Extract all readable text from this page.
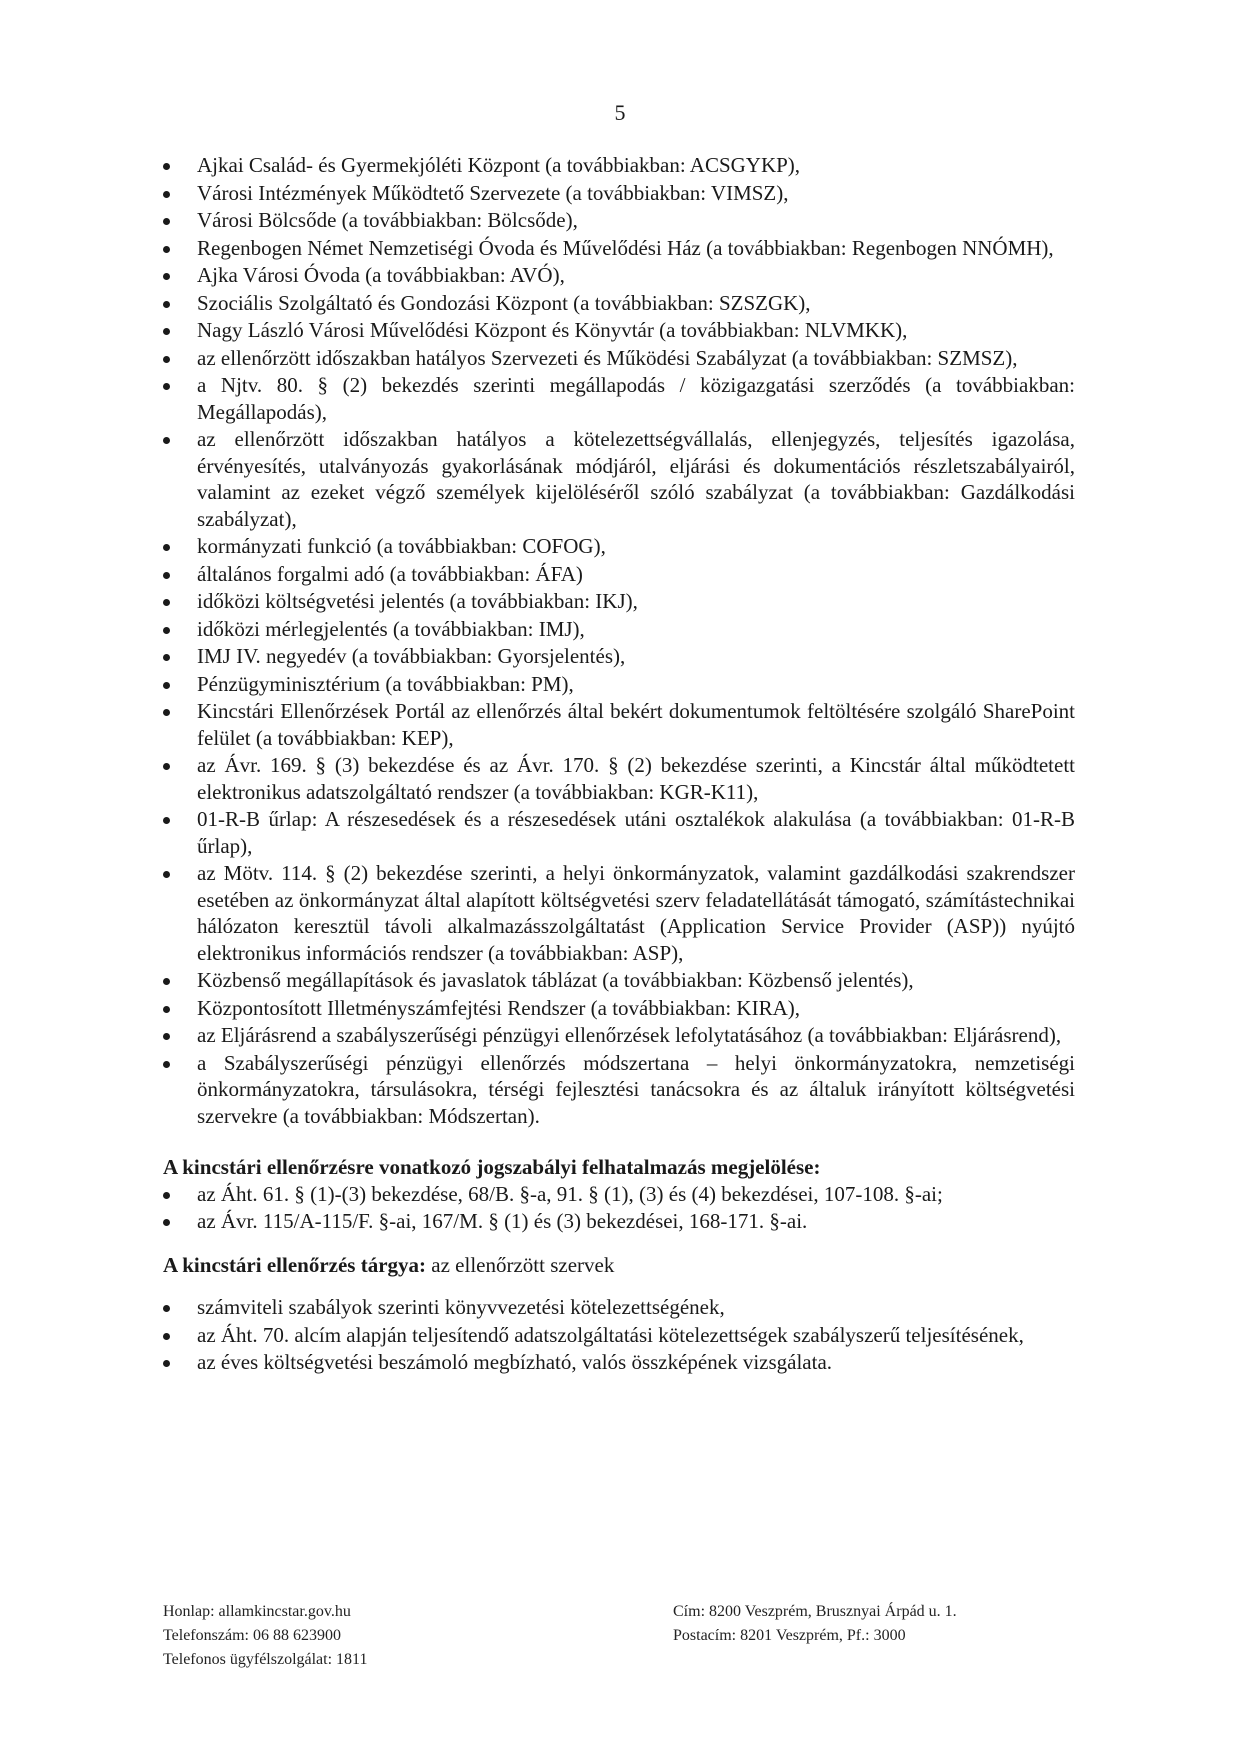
5
Ajkai Család- és Gyermekjóléti Központ (a továbbiakban: ACSGYKP),
Városi Intézmények Működtető Szervezete (a továbbiakban: VIMSZ),
Városi Bölcsőde (a továbbiakban: Bölcsőde),
Regenbogen Német Nemzetiségi Óvoda és Művelődési Ház (a továbbiakban: Regenbogen NNÓMH),
Ajka Városi Óvoda (a továbbiakban: AVÓ),
Szociális Szolgáltató és Gondozási Központ (a továbbiakban: SZSZGK),
Nagy László Városi Művelődési Központ és Könyvtár (a továbbiakban: NLVMKK),
az ellenőrzött időszakban hatályos Szervezeti és Működési Szabályzat (a továbbiakban: SZMSZ),
a Njtv. 80. § (2) bekezdés szerinti megállapodás / közigazgatási szerződés (a továbbiakban: Megállapodás),
az ellenőrzött időszakban hatályos a kötelezettségvállalás, ellenjegyzés, teljesítés igazolása, érvényesítés, utalványozás gyakorlásának módjáról, eljárási és dokumentációs részletszabályairól, valamint az ezeket végző személyek kijelöléséről szóló szabályzat (a továbbiakban: Gazdálkodási szabályzat),
kormányzati funkció (a továbbiakban: COFOG),
általános forgalmi adó (a továbbiakban: ÁFA)
időközi költségvetési jelentés (a továbbiakban: IKJ),
időközi mérlegjelentés (a továbbiakban: IMJ),
IMJ IV. negyedév (a továbbiakban: Gyorsjelentés),
Pénzügyminisztérium (a továbbiakban: PM),
Kincstári Ellenőrzések Portál az ellenőrzés által bekért dokumentumok feltöltésére szolgáló SharePoint felület (a továbbiakban: KEP),
az Ávr. 169. § (3) bekezdése és az Ávr. 170. § (2) bekezdése szerinti, a Kincstár által működtetett elektronikus adatszolgáltató rendszer (a továbbiakban: KGR-K11),
01-R-B űrlap: A részesedések és a részesedések utáni osztalékok alakulása (a továbbiakban: 01-R-B űrlap),
az Mötv. 114. § (2) bekezdése szerinti, a helyi önkormányzatok, valamint gazdálkodási szakrendszer esetében az önkormányzat által alapított költségvetési szerv feladatellátását támogató, számítástechnikai hálózaton keresztül távoli alkalmazásszolgáltatást (Application Service Provider (ASP)) nyújtó elektronikus információs rendszer (a továbbiakban: ASP),
Közbenső megállapítások és javaslatok táblázat (a továbbiakban: Közbenső jelentés),
Központosított Illetményszámfejtési Rendszer (a továbbiakban: KIRA),
az Eljárásrend a szabályszerűségi pénzügyi ellenőrzések lefolytatásához (a továbbiakban: Eljárásrend),
a Szabályszerűségi pénzügyi ellenőrzés módszertana – helyi önkormányzatokra, nemzetiségi önkormányzatokra, társulásokra, térségi fejlesztési tanácsokra és az általuk irányított költségvetési szervekre (a továbbiakban: Módszertan).
A kincstári ellenőrzésre vonatkozó jogszabályi felhatalmazás megjelölése:
az Áht. 61. § (1)-(3) bekezdése, 68/B. §-a, 91. § (1), (3) és (4) bekezdései, 107-108. §-ai;
az Ávr. 115/A-115/F. §-ai, 167/M. § (1) és (3) bekezdései, 168-171. §-ai.
A kincstári ellenőrzés tárgya: az ellenőrzött szervek
számviteli szabályok szerinti könyvvezetési kötelezettségének,
az Áht. 70. alcím alapján teljesítendő adatszolgáltatási kötelezettségek szabályszerű teljesítésének,
az éves költségvetési beszámoló megbízható, valós összképének vizsgálata.
Honlap: allamkincstar.gov.hu
Telefonszám: 06 88 623900
Telefonos ügyfélszolgálat: 1811
Cím: 8200 Veszprém, Brusznyai Árpád u. 1.
Postacím: 8201 Veszprém, Pf.: 3000
